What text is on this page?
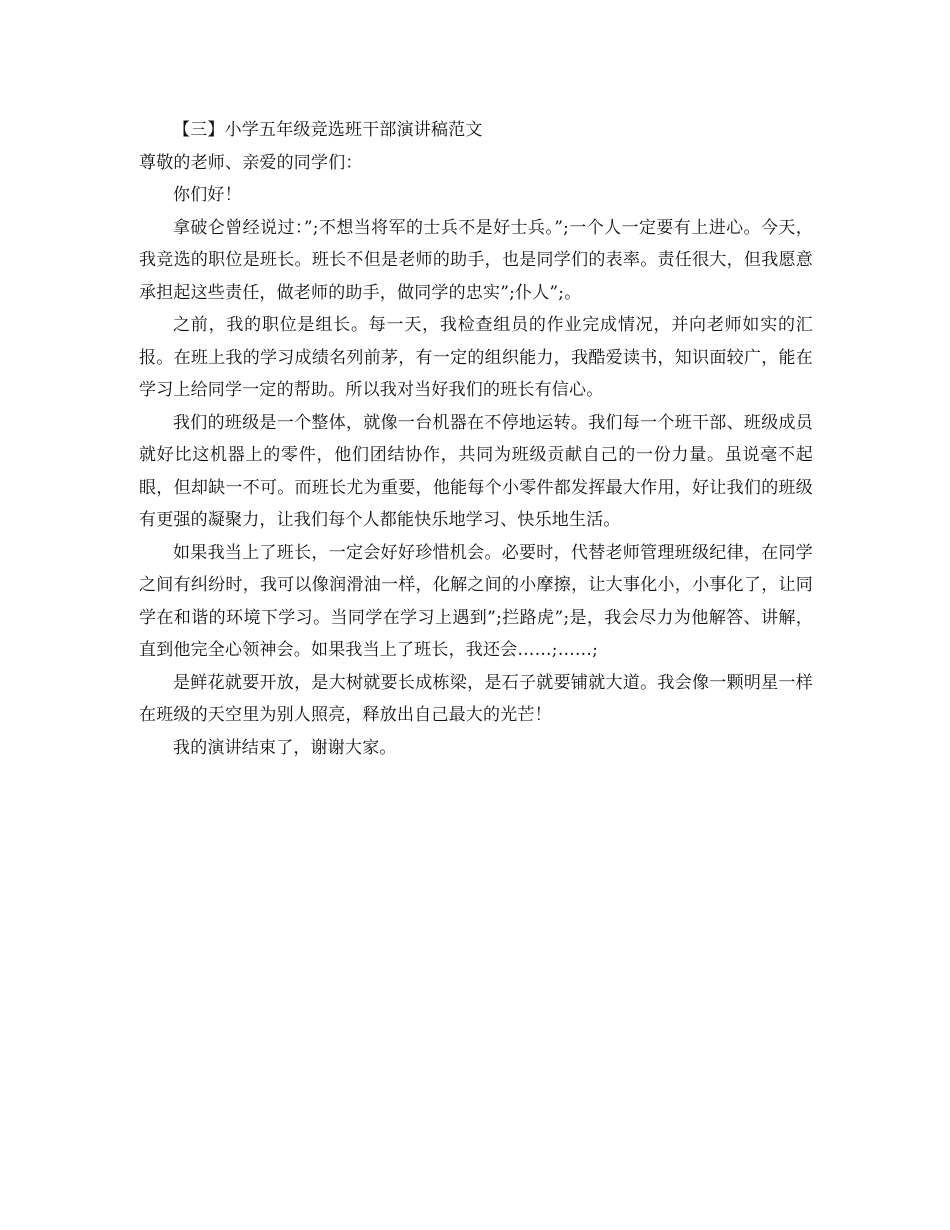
【三】小学五年级竞选班干部演讲稿范文

尊敬的老师、亲爱的同学们：

你们好！

拿破仑曾经说过：”;不想当将军的士兵不是好士兵。”;一个人一定要有上进心。今天，我竞选的职位是班长。班长不但是老师的助手，也是同学们的表率。责任很大，但我愿意承担起这些责任，做老师的助手，做同学的忠实”;仆人”;。

之前，我的职位是组长。每一天，我检查组员的作业完成情况，并向老师如实的汇报。在班上我的学习成绩名列前茅，有一定的组织能力，我酷爱读书，知识面较广，能在学习上给同学一定的帮助。所以我对当好我们的班长有信心。

我们的班级是一个整体，就像一台机器在不停地运转。我们每一个班干部、班级成员就好比这机器上的零件，他们团结协作，共同为班级贡献自己的一份力量。虽说毫不起眼，但却缺一不可。而班长尤为重要，他能每个小零件都发挥最大作用，好让我们的班级有更强的凝聚力，让我们每个人都能快乐地学习、快乐地生活。

如果我当上了班长，一定会好好珍惜机会。必要时，代替老师管理班级纪律，在同学之间有纠纷时，我可以像润滑油一样，化解之间的小摩擦，让大事化小，小事化了，让同学在和谐的环境下学习。当同学在学习上遇到”;拦路虎”;是，我会尽力为他解答、讲解，直到他完全心领神会。如果我当上了班长，我还会……;……;

是鲜花就要开放，是大树就要长成栋梁，是石子就要铺就大道。我会像一颗明星一样在班级的天空里为别人照亮，释放出自己最大的光芒！

我的演讲结束了，谢谢大家。
